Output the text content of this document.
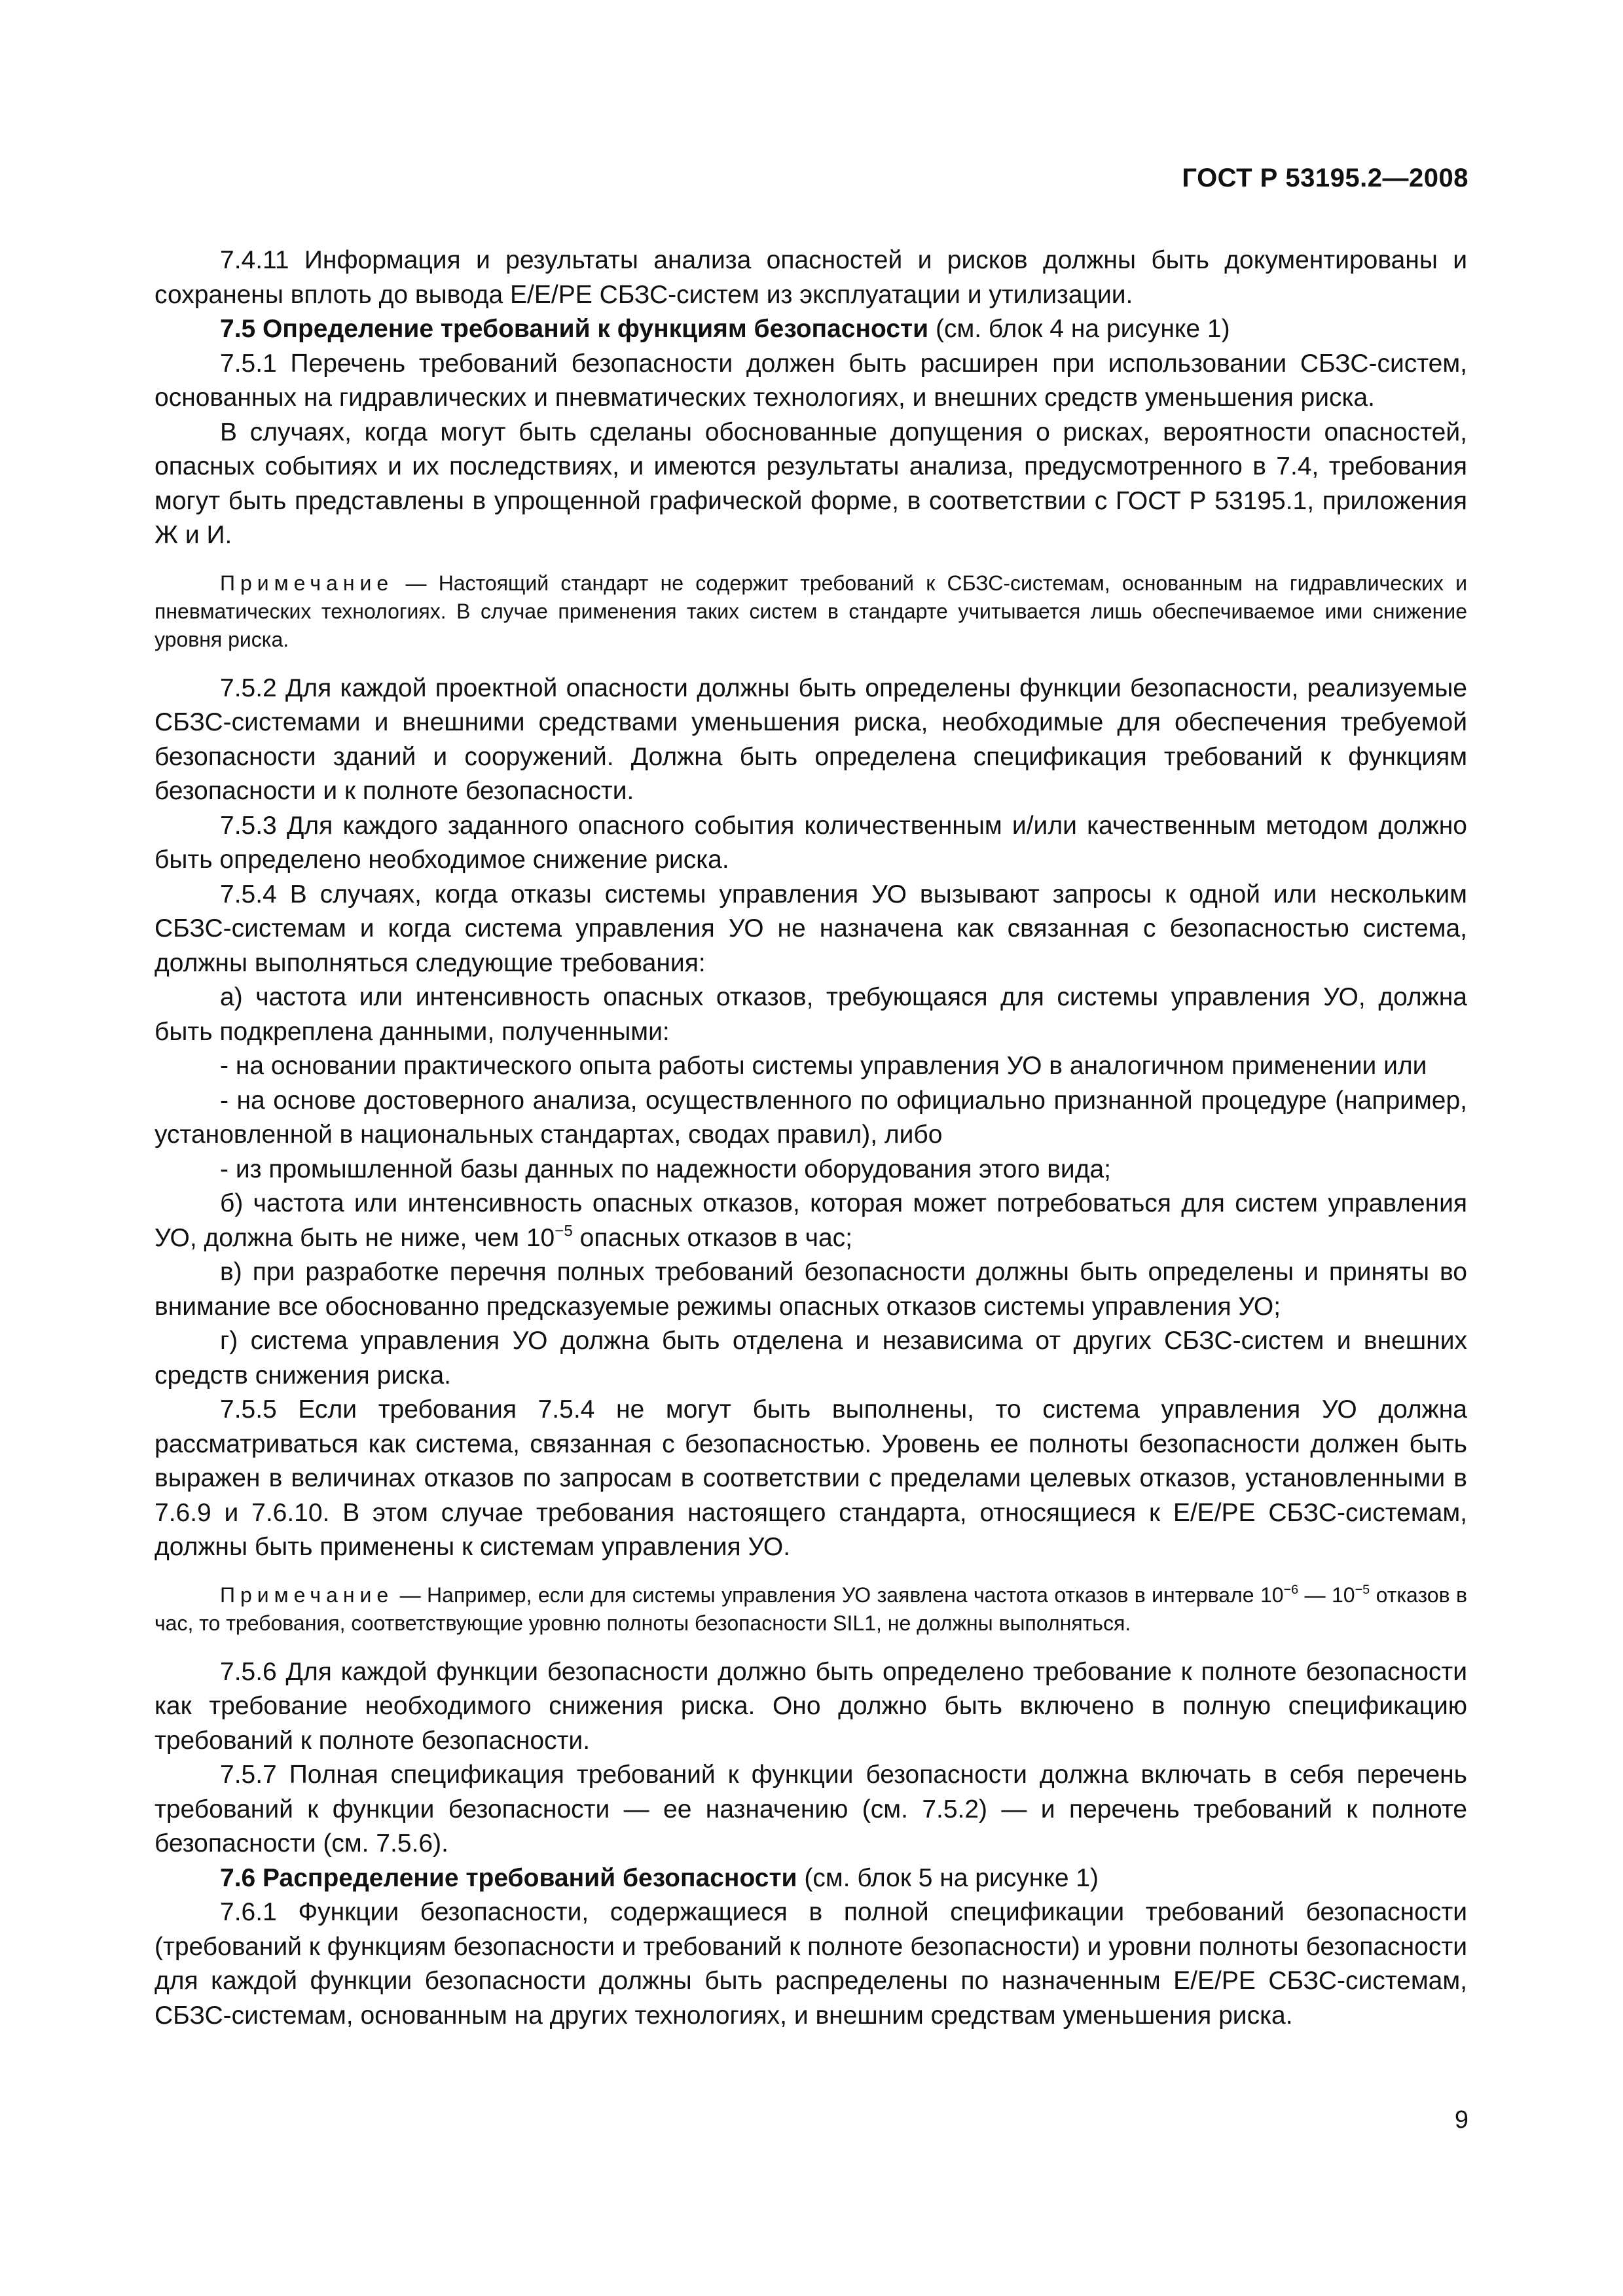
ГОСТ Р 53195.2—2008

7.4.11 Информация и результаты анализа опасностей и рисков должны быть документированы и сохранены вплоть до вывода Е/Е/РЕ СБЗС-систем из эксплуатации и утилизации.

7.5 Определение требований к функциям безопасности (см. блок 4 на рисунке 1)

7.5.1 Перечень требований безопасности должен быть расширен при использовании СБЗС-систем, основанных на гидравлических и пневматических технологиях, и внешних средств уменьшения риска.

В случаях, когда могут быть сделаны обоснованные допущения о рисках, вероятности опасностей, опасных событиях и их последствиях, и имеются результаты анализа, предусмотренного в 7.4, требования могут быть представлены в упрощенной графической форме, в соответствии с ГОСТ Р 53195.1, приложения Ж и И.

Примечание — Настоящий стандарт не содержит требований к СБЗС-системам, основанным на гидравлических и пневматических технологиях. В случае применения таких систем в стандарте учитывается лишь обеспечиваемое ими снижение уровня риска.

7.5.2 Для каждой проектной опасности должны быть определены функции безопасности, реализуемые СБЗС-системами и внешними средствами уменьшения риска, необходимые для обеспечения требуемой безопасности зданий и сооружений. Должна быть определена спецификация требований к функциям безопасности и к полноте безопасности.

7.5.3 Для каждого заданного опасного события количественным и/или качественным методом должно быть определено необходимое снижение риска.

7.5.4 В случаях, когда отказы системы управления УО вызывают запросы к одной или нескольким СБЗС-системам и когда система управления УО не назначена как связанная с безопасностью система, должны выполняться следующие требования:

а) частота или интенсивность опасных отказов, требующаяся для системы управления УО, должна быть подкреплена данными, полученными:

- на основании практического опыта работы системы управления УО в аналогичном применении или

- на основе достоверного анализа, осуществленного по официально признанной процедуре (например, установленной в национальных стандартах, сводах правил), либо

- из промышленной базы данных по надежности оборудования этого вида;

б) частота или интенсивность опасных отказов, которая может потребоваться для систем управления УО, должна быть не ниже, чем $10^{-5}$ опасных отказов в час;

в) при разработке перечня полных требований безопасности должны быть определены и приняты во внимание все обоснованно предсказуемые режимы опасных отказов системы управления УО;

г) система управления УО должна быть отделена и независима от других СБЗС-систем и внешних средств снижения риска.

7.5.5 Если требования 7.5.4 не могут быть выполнены, то система управления УО должна рассматриваться как система, связанная с безопасностью. Уровень ее полноты безопасности должен быть выражен в величинах отказов по запросам в соответствии с пределами целевых отказов, установленными в 7.6.9 и 7.6.10. В этом случае требования настоящего стандарта, относящиеся к Е/Е/РЕ СБЗС-системам, должны быть применены к системам управления УО.

Примечание — Например, если для системы управления УО заявлена частота отказов в интервале $10^{-6}$ — $10^{-5}$ отказов в час, то требования, соответствующие уровню полноты безопасности SIL1, не должны выполняться.

7.5.6 Для каждой функции безопасности должно быть определено требование к полноте безопасности как требование необходимого снижения риска. Оно должно быть включено в полную спецификацию требований к полноте безопасности.

7.5.7 Полная спецификация требований к функции безопасности должна включать в себя перечень требований к функции безопасности — ее назначению (см. 7.5.2) — и перечень требований к полноте безопасности (см. 7.5.6).

7.6 Распределение требований безопасности (см. блок 5 на рисунке 1)

7.6.1 Функции безопасности, содержащиеся в полной спецификации требований безопасности (требований к функциям безопасности и требований к полноте безопасности) и уровни полноты безопасности для каждой функции безопасности должны быть распределены по назначенным Е/Е/РЕ СБЗС-системам, СБЗС-системам, основанным на других технологиях, и внешним средствам уменьшения риска.

9
